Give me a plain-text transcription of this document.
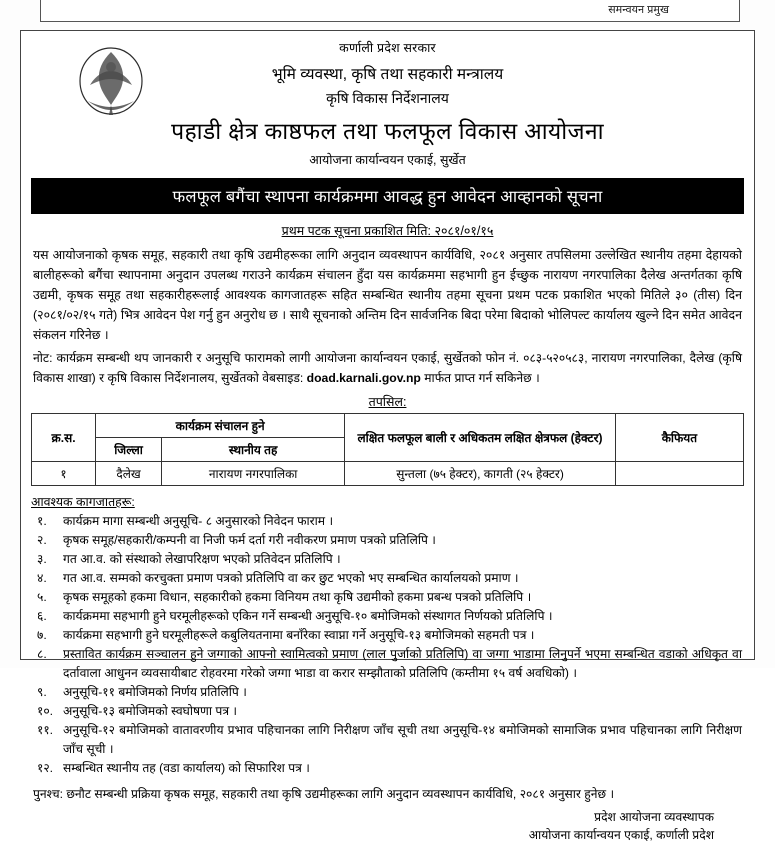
समन्वयन प्रमुख
कर्णाली प्रदेश सरकार
भूमि व्यवस्था, कृषि तथा सहकारी मन्त्रालय
कृषि विकास निर्देशनालय
पहाडी क्षेत्र काष्ठफल तथा फलफूल विकास आयोजना
आयोजना कार्यान्वयन एकाई, सुर्खेत
फलफूल बगैंचा स्थापना कार्यक्रममा आवद्ध हुन आवेदन आव्हानको सूचना
प्रथम पटक सूचना प्रकाशित मिति: २०८१/०१/१५
यस आयोजनाको कृषक समूह, सहकारी तथा कृषि उद्यमीहरूका लागि अनुदान व्यवस्थापन कार्यविधि, २०८१ अनुसार तपसिलमा उल्लेखित स्थानीय तहमा देहायको बालीहरूको बगैंचा स्थापनामा अनुदान उपलब्ध गराउने कार्यक्रम संचालन हुँदा यस कार्यक्रममा सहभागी हुन ईच्छुक नारायण नगरपालिका दैलेख अन्तर्गतका कृषि उद्यमी, कृषक समूह तथा सहकारीहरूलाई आवश्यक कागजातहरू सहित सम्बन्धित स्थानीय तहमा सूचना प्रथम पटक प्रकाशित भएको मितिले ३० (तीस) दिन (२०८१/०२/१५ गते) भित्र आवेदन पेश गर्नु हुन अनुरोध छ । साथै सूचनाको अन्तिम दिन सार्वजनिक बिदा परेमा बिदाको भोलिपल्ट कार्यालय खुल्ने दिन समेत आवेदन संकलन गरिनेछ ।
नोट: कार्यक्रम सम्बन्धी थप जानकारी र अनुसूचि फारामको लागी आयोजना कार्यान्वयन एकाई, सुर्खेतको फोन नं. ०८३-५२०५८३, नारायण नगरपालिका, दैलेख (कृषि विकास शाखा) र कृषि विकास निर्देशनालय, सुर्खेतको वेबसाइड: doad.karnali.gov.np मार्फत प्राप्त गर्न सकिनेछ ।
तपसिल:
क्र.स.	कार्यक्रम संचालन हुने		लक्षित फलफूल बाली र अधिकतम लक्षित क्षेत्रफल (हेक्टर)	कैफियत
	जिल्ला	स्थानीय तह		
१	दैलेख	नारायण नगरपालिका	सुन्तला (७५ हेक्टर), कागती (२५ हेक्टर)	
आवश्यक कागजातहरू:
१.	कार्यक्रम मागा सम्बन्धी अनुसूचि- ८ अनुसारको निवेदन फाराम ।
२.	कृषक समूह/सहकारी/कम्पनी वा निजी फर्म दर्ता गरी नवीकरण प्रमाण पत्रको प्रतिलिपि ।
३.	गत आ.व. को संस्थाको लेखापरिक्षण भएको प्रतिवेदन प्रतिलिपि ।
४.	गत आ.व. सम्मको करचुक्ता प्रमाण पत्रको प्रतिलिपि वा कर छुट भएको भए सम्बन्धित कार्यालयको प्रमाण ।
५.	कृषक समूहको हकमा विधान, सहकारीको हकमा विनियम तथा कृषि उद्यमीको हकमा प्रबन्ध पत्रको प्रतिलिपि ।
६.	कार्यक्रममा सहभागी हुने घरमूलीहरूको एकिन गर्ने सम्बन्धी अनुसूचि-१० बमोजिमको संस्थागत निर्णयको प्रतिलिपि ।
७.	कार्यक्रमा सहभागी हुने घरमूलीहरूले कबुलियतनामा बनाँरेका स्वाप्ना गर्ने अनुसूचि-१३ बमोजिमको सहमती पत्र ।
८.	प्रस्तावित कार्यक्रम सञ्चालन हुने जग्गाको आफ्नो स्वामित्वको प्रमाण (लाल पुर्जाको प्रतिलिपि) वा जग्गा भाडामा लिनुपर्ने भएमा सम्बन्धित वडाको अधिकृत वा दर्तावाला आधुनन व्यवसायीबाट रोहवरमा गरेको जग्गा भाडा वा करार सम्झौताको प्रतिलिपि (कम्तीमा १५ वर्ष अवधिको) ।
९.	अनुसूचि-११ बमोजिमको निर्णय प्रतिलिपि ।
१०. अनुसूचि-१३ बमोजिमको स्वघोषणा पत्र ।
११. अनुसूचि-१२ बमोजिमको वातावरणीय प्रभाव पहिचानका लागि निरीक्षण जाँच सूची तथा अनुसूचि-१४ बमोजिमको सामाजिक प्रभाव पहिचानका लागि निरीक्षण जाँच सूची ।
१२. सम्बन्धित स्थानीय तह (वडा कार्यालय) को सिफारिश पत्र ।
पुनश्च: छनौट सम्बन्धी प्रक्रिया कृषक समूह, सहकारी तथा कृषि उद्यमीहरूका लागि अनुदान व्यवस्थापन कार्यविधि, २०८१ अनुसार हुनेछ ।
प्रदेश आयोजना व्यवस्थापक
आयोजना कार्यान्वयन एकाई, कर्णाली प्रदेश
